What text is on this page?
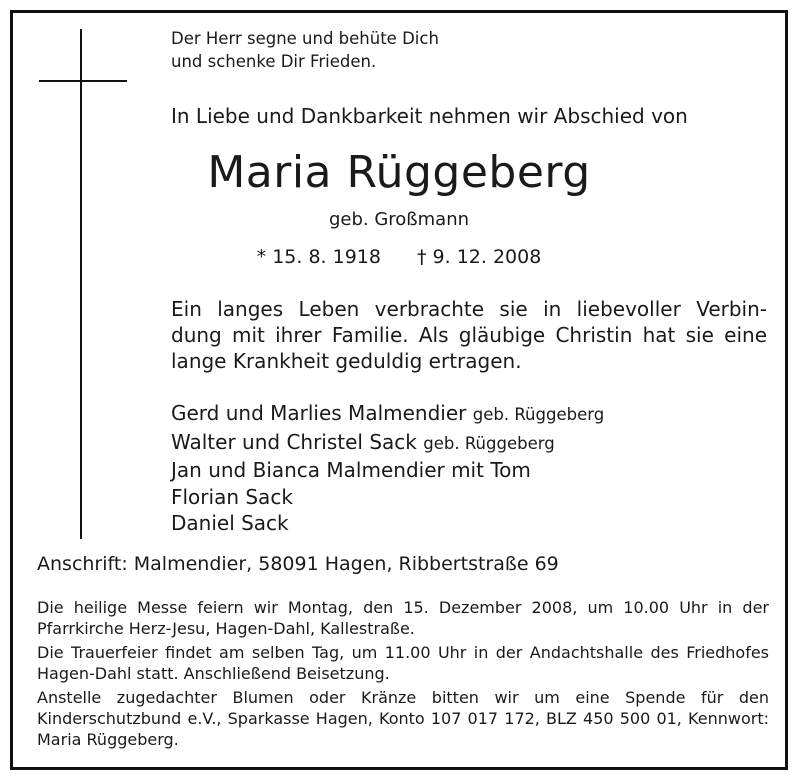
Der Herr segne und behüte Dich
und schenke Dir Frieden.
In Liebe und Dankbarkeit nehmen wir Abschied von
Maria Rüggeberg
geb. Großmann
* 15. 8. 1918 † 9. 12. 2008
Ein langes Leben verbrachte sie in liebevoller Verbin-
dung mit ihrer Familie. Als gläubige Christin hat sie eine
lange Krankheit geduldig ertragen.
Gerd und Marlies Malmendier geb. Rüggeberg
Walter und Christel Sack geb. Rüggeberg
Jan und Bianca Malmendier mit Tom
Florian Sack
Daniel Sack
Anschrift: Malmendier, 58091 Hagen, Ribbertstraße 69

Die heilige Messe feiern wir Montag, den 15. Dezember 2008, um 10.00 Uhr in der Pfarrkirche Herz-Jesu, Hagen-Dahl, Kallestraße.

Die Trauerfeier findet am selben Tag, um 11.00 Uhr in der Andachtshalle des Friedhofes Hagen-Dahl statt. Anschließend Beisetzung.

Anstelle zugedachter Blumen oder Kränze bitten wir um eine Spende für den Kinderschutzbund e.V., Sparkasse Hagen, Konto 107 017 172, BLZ 450 500 01, Kennwort: Maria Rüggeberg.
